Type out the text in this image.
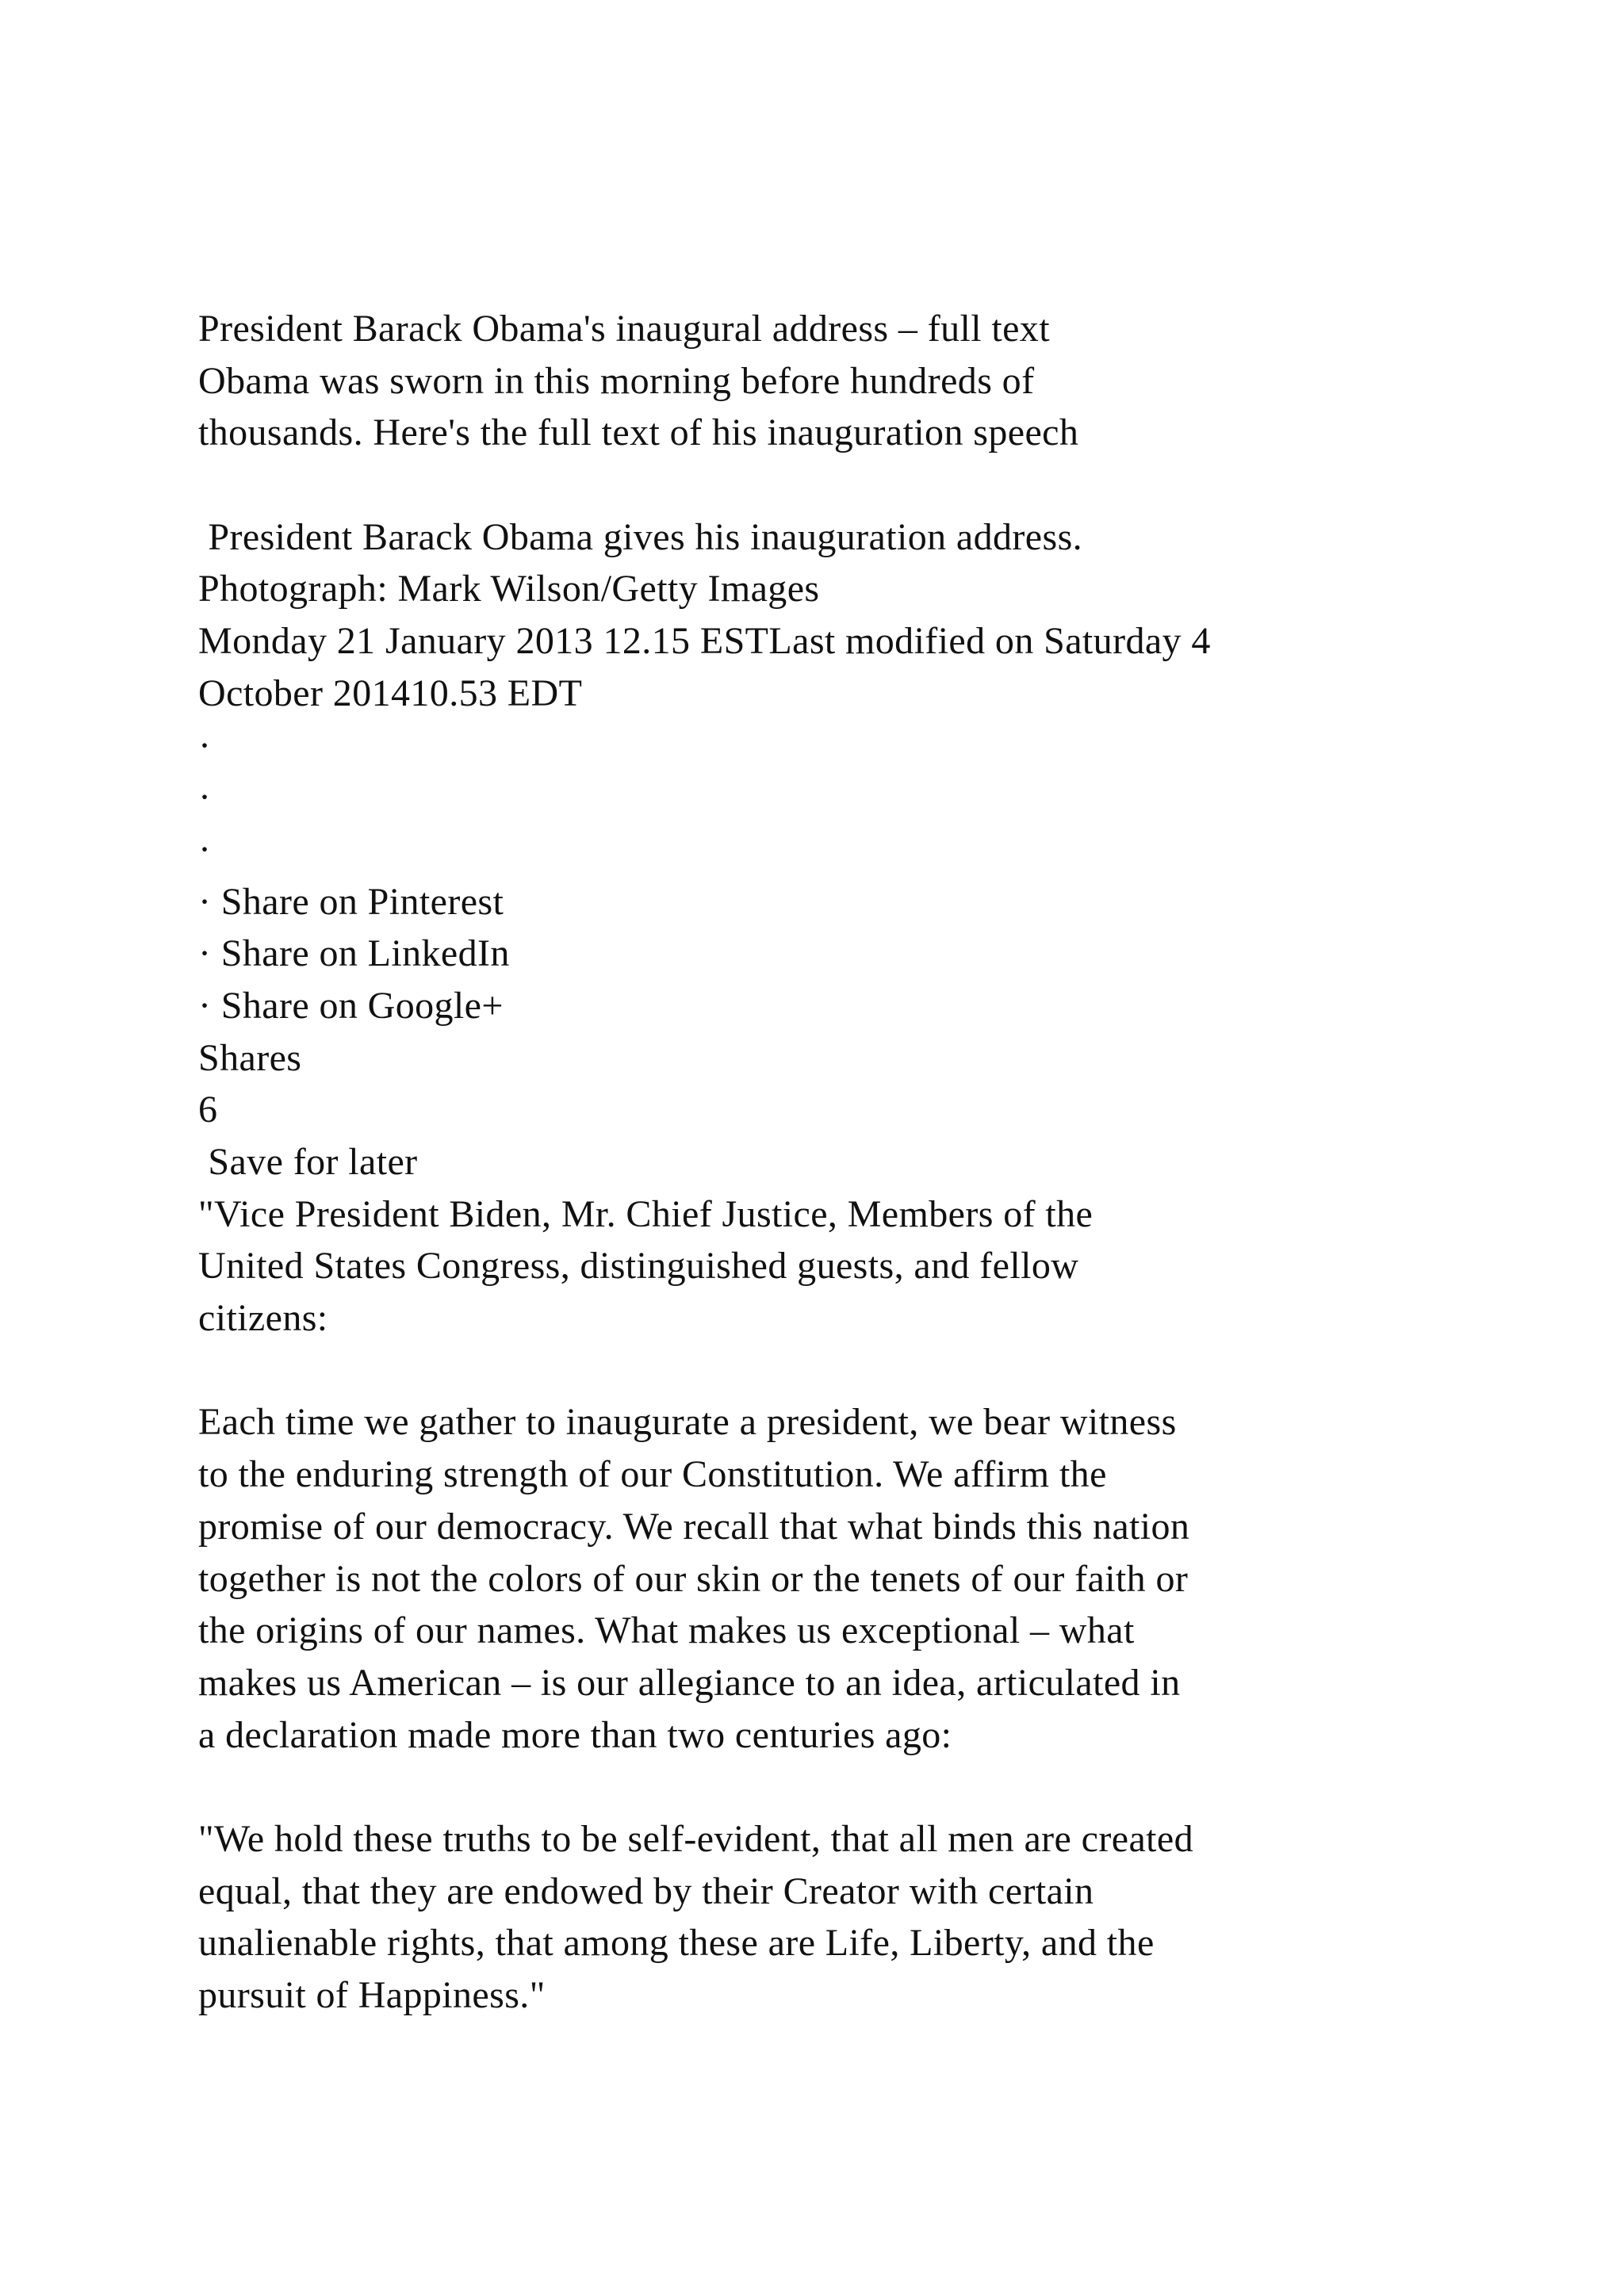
President Barack Obama's inaugural address – full text
Obama was sworn in this morning before hundreds of
thousands. Here's the full text of his inauguration speech
President Barack Obama gives his inauguration address.
Photograph: Mark Wilson/Getty Images
Monday 21 January 2013 12.15 ESTLast modified on Saturday 4
October 201410.53 EDT
·
·
·
· Share on Pinterest
· Share on LinkedIn
· Share on Google+
Shares
6
Save for later
"Vice President Biden, Mr. Chief Justice, Members of the
United States Congress, distinguished guests, and fellow
citizens:
Each time we gather to inaugurate a president, we bear witness
to the enduring strength of our Constitution. We affirm the
promise of our democracy. We recall that what binds this nation
together is not the colors of our skin or the tenets of our faith or
the origins of our names. What makes us exceptional – what
makes us American – is our allegiance to an idea, articulated in
a declaration made more than two centuries ago:
"We hold these truths to be self-evident, that all men are created
equal, that they are endowed by their Creator with certain
unalienable rights, that among these are Life, Liberty, and the
pursuit of Happiness."
